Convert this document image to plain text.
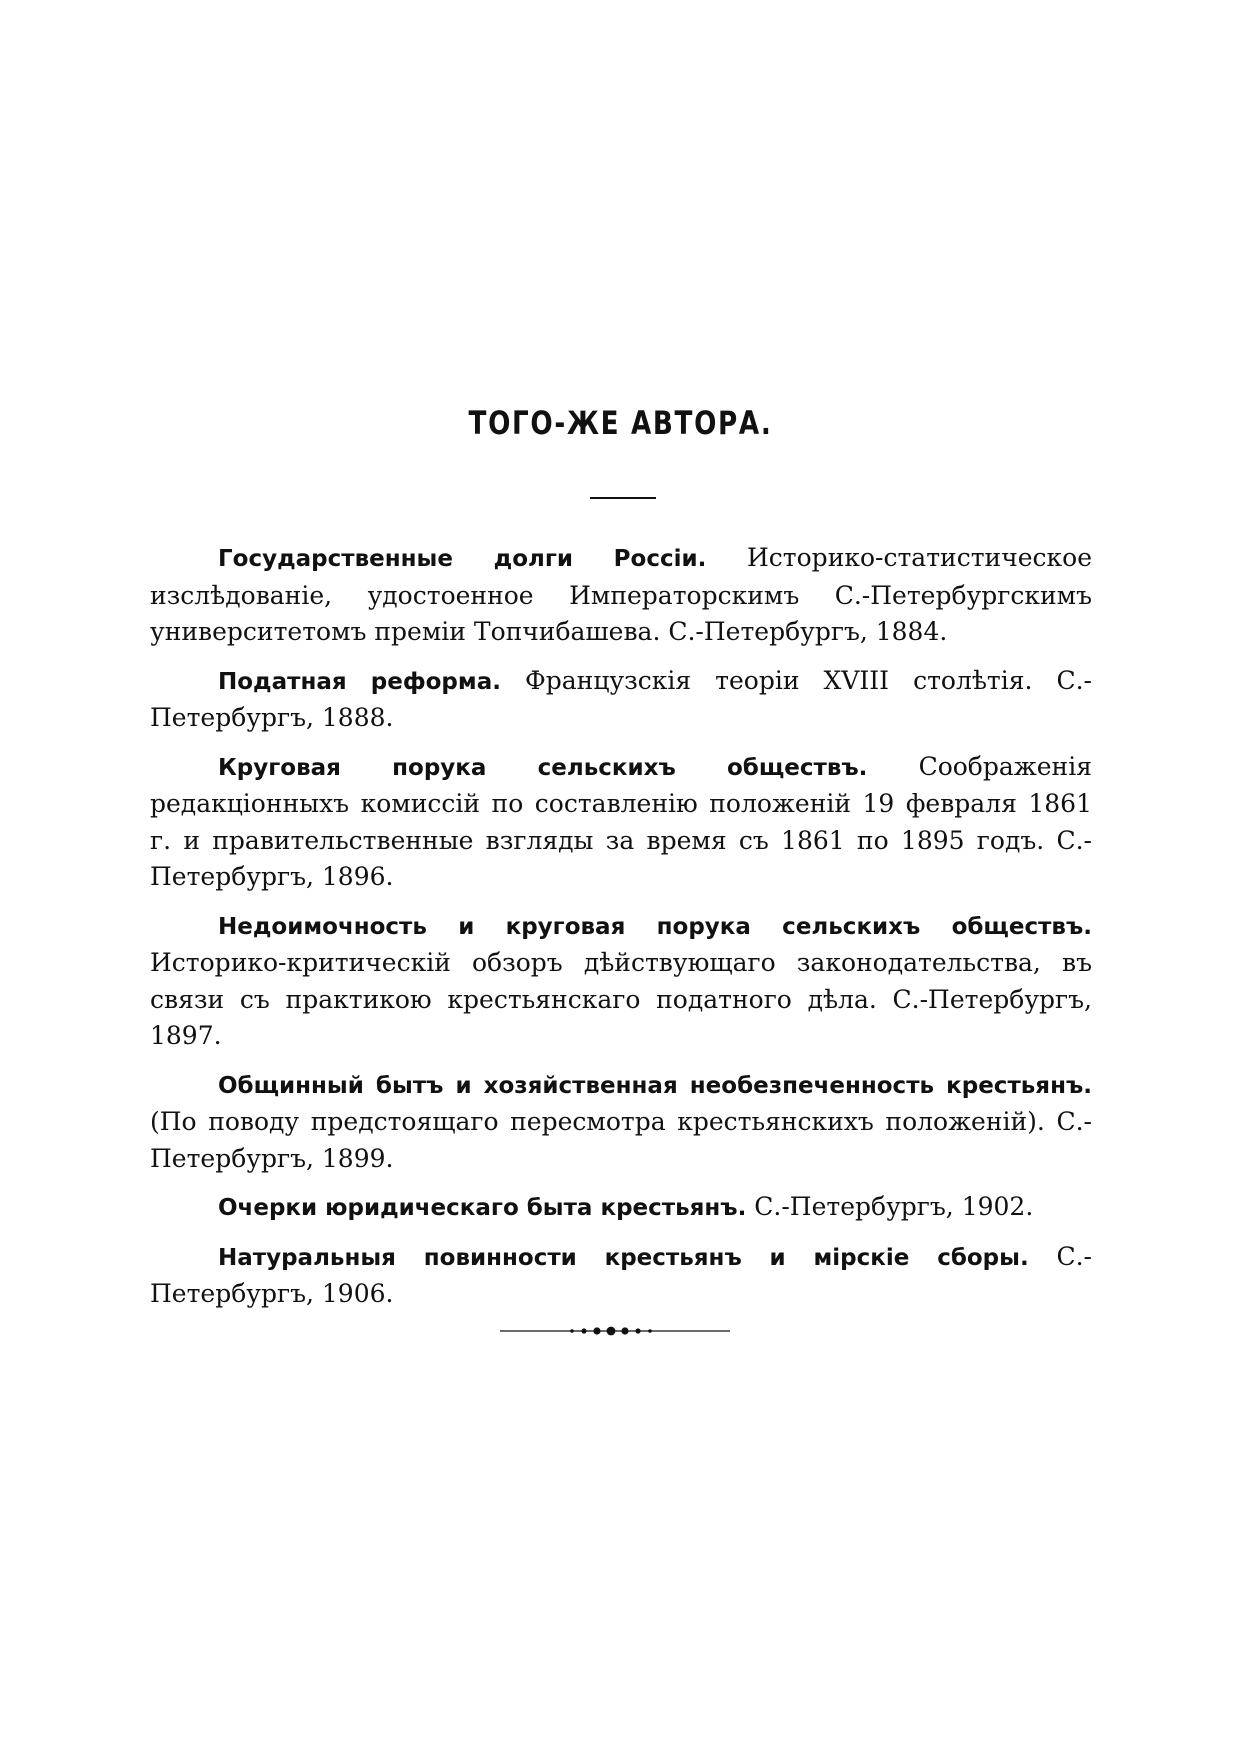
ТОГО-ЖЕ АВТОРА.
Государственные долги Россіи. Историко-статистическое изслѣдованіе, удостоенное Императорскимъ С.-Петербургскимъ университетомъ преміи Топчибашева. С.-Петербургъ, 1884.
Податная реформа. Французскія теоріи XVIII столѣтія. С.-Петербургъ, 1888.
Круговая порука сельскихъ обществъ. Соображенія редакціонныхъ комиссій по составленію положеній 19 февраля 1861 г. и правительственные взгляды за время съ 1861 по 1895 годъ. С.-Петербургъ, 1896.
Недоимочность и круговая порука сельскихъ обществъ. Историко-критическій обзоръ дѣйствующаго законодательства, въ связи съ практикою крестьянскаго податного дѣла. С.-Петербургъ, 1897.
Общинный бытъ и хозяйственная необезпеченность крестьянъ. (По поводу предстоящаго пересмотра крестьянскихъ положеній). С.-Петербургъ, 1899.
Очерки юридическаго быта крестьянъ. С.-Петербургъ, 1902.
Натуральныя повинности крестьянъ и мірскіе сборы. С.-Петербургъ, 1906.
